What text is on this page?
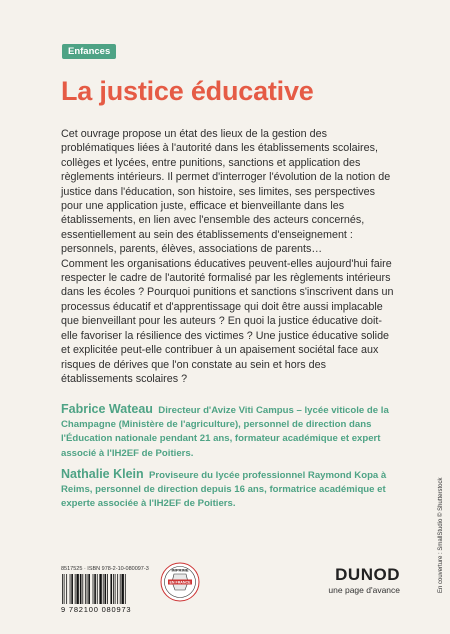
Enfances
La justice éducative

Cet ouvrage propose un état des lieux de la gestion des problématiques liées à l'autorité dans les établissements scolaires, collèges et lycées, entre punitions, sanctions et application des règlements intérieurs. Il permet d'interroger l'évolution de la notion de justice dans l'éducation, son histoire, ses limites, ses perspectives pour une application juste, efficace et bienveillante dans les établissements, en lien avec l'ensemble des acteurs concernés, essentiellement au sein des établissements d'enseignement : personnels, parents, élèves, associations de parents…

Comment les organisations éducatives peuvent-elles aujourd'hui faire respecter le cadre de l'autorité formalisé par les règlements intérieurs dans les écoles ? Pourquoi punitions et sanctions s'inscrivent dans un processus éducatif et d'apprentissage qui doit être aussi implacable que bienveillant pour les auteurs ? En quoi la justice éducative doit-elle favoriser la résilience des victimes ? Une justice éducative solide et explicitée peut-elle contribuer à un apaisement sociétal face aux risques de dérives que l'on constate au sein et hors des établissements scolaires ?

Fabrice Wateau Directeur d'Avize Viti Campus – lycée viticole de la Champagne (Ministère de l'agriculture), personnel de direction dans l'Éducation nationale pendant 21 ans, formateur académique et expert associé à l'IH2EF de Poitiers.

Nathalie Klein Proviseure du lycée professionnel Raymond Kopa à Reims, personnel de direction depuis 16 ans, formatrice académique et experte associée à l'IH2EF de Poitiers.	En couverture : SmallStudio © Shutterstock
8517525 · ISBN 978-2-10-080097-3
9 782100 080973
IMPRIMÉ
EN FRANCE	DUNOD
une page d'avance
